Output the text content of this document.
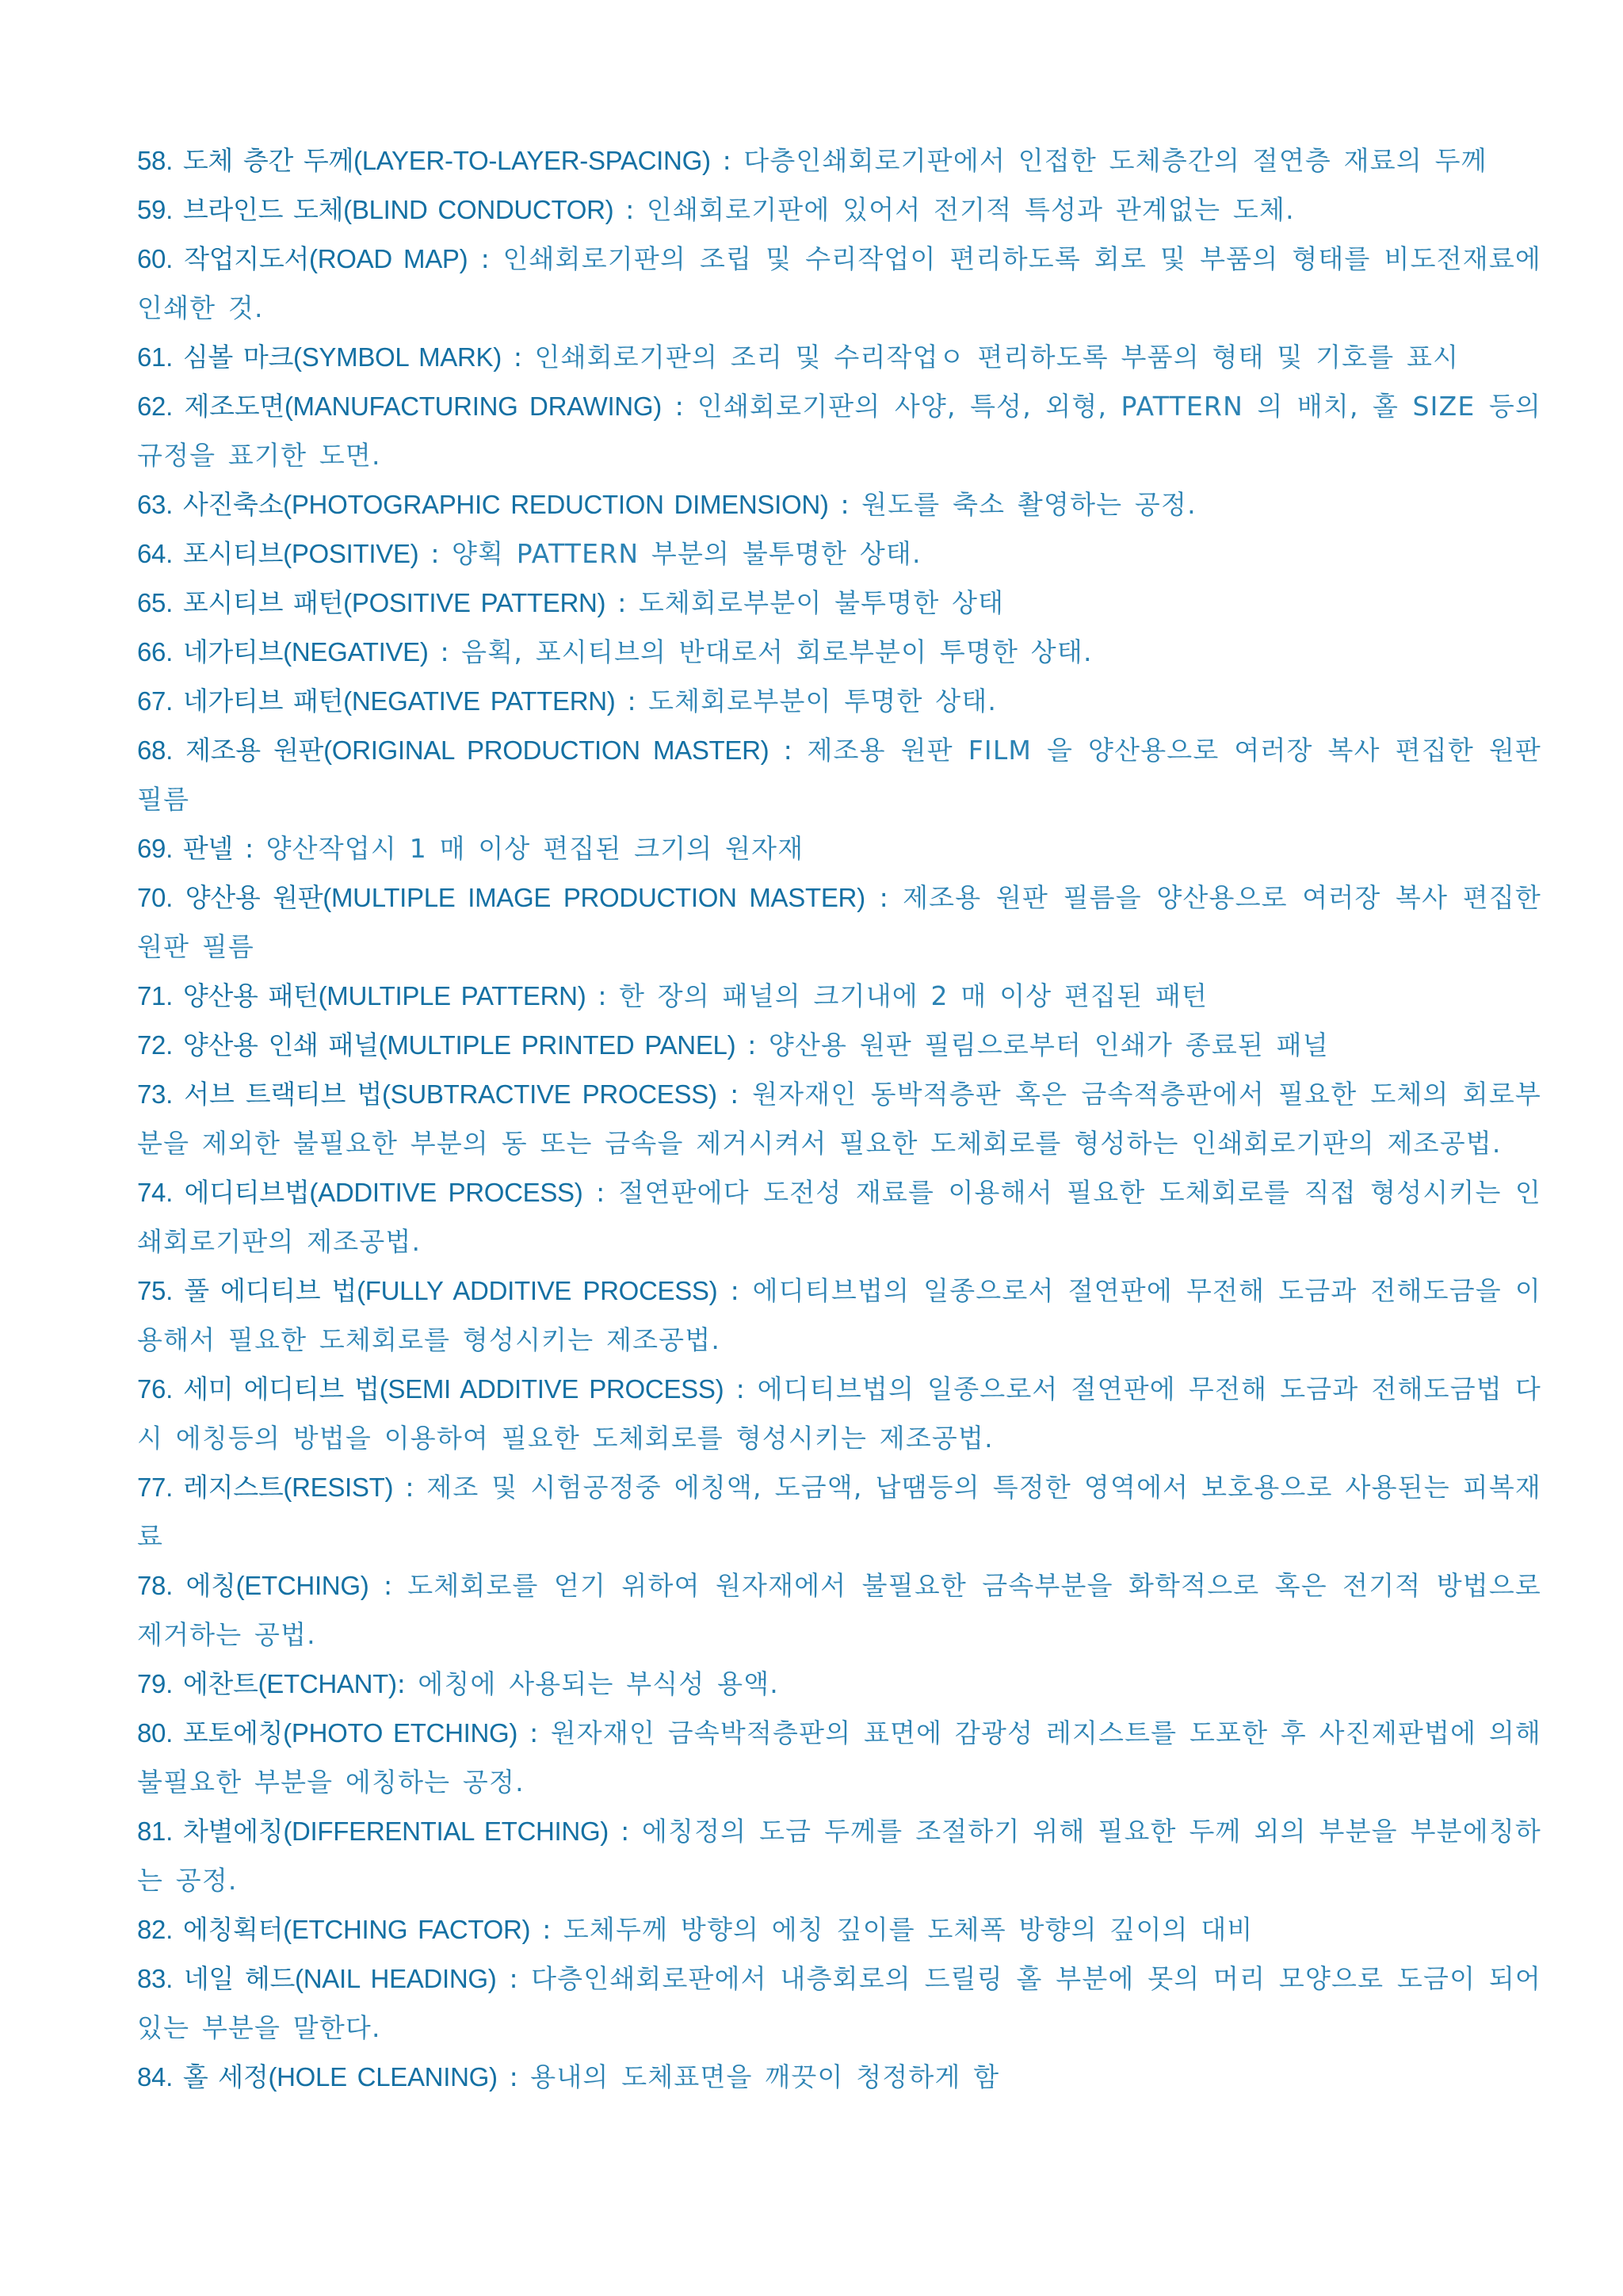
58. 도체 층간 두께(LAYER-TO-LAYER-SPACING) : 다층인쇄회로기판에서 인접한 도체층간의 절연층 재료의 두께

59. 브라인드 도체(BLIND CONDUCTOR) : 인쇄회로기판에 있어서 전기적 특성과 관계없는 도체.

60. 작업지도서(ROAD MAP) : 인쇄회로기판의 조립 및 수리작업이 편리하도록 회로 및 부품의 형태를 비도전재료에 인쇄한 것.

61. 심볼 마크(SYMBOL MARK) : 인쇄회로기판의 조리 및 수리작업ㅇ 편리하도록 부품의 형태 및 기호를 표시

62. 제조도면(MANUFACTURING DRAWING) : 인쇄회로기판의 사양, 특성, 외형, PATTERN 의 배치, 홀 SIZE 등의 규정을 표기한 도면.

63. 사진축소(PHOTOGRAPHIC REDUCTION DIMENSION) : 원도를 축소 촬영하는 공정.

64. 포시티브(POSITIVE) : 양획 PATTERN 부분의 불투명한 상태.

65. 포시티브 패턴(POSITIVE PATTERN) : 도체회로부분이 불투명한 상태

66. 네가티브(NEGATIVE) : 음획, 포시티브의 반대로서 회로부분이 투명한 상태.

67. 네가티브 패턴(NEGATIVE PATTERN) : 도체회로부분이 투명한 상태.

68. 제조용 원판(ORIGINAL PRODUCTION MASTER) : 제조용 원판 FILM 을 양산용으로 여러장 복사 편집한 원판 필름

69. 판넬 : 양산작업시 1 매 이상 편집된 크기의 원자재

70. 양산용 원판(MULTIPLE IMAGE PRODUCTION MASTER) : 제조용 원판 필름을 양산용으로 여러장 복사 편집한 원판 필름

71. 양산용 패턴(MULTIPLE PATTERN) : 한 장의 패널의 크기내에 2 매 이상 편집된 패턴

72. 양산용 인쇄 패널(MULTIPLE PRINTED PANEL) : 양산용 원판 필림으로부터 인쇄가 종료된 패널

73. 서브 트랙티브 법(SUBTRACTIVE PROCESS) : 원자재인 동박적층판 혹은 금속적층판에서 필요한 도체의 회로부분을 제외한 불필요한 부분의 동 또는 금속을 제거시켜서 필요한 도체회로를 형성하는 인쇄회로기판의 제조공법.

74. 에디티브법(ADDITIVE PROCESS) : 절연판에다 도전성 재료를 이용해서 필요한 도체회로를 직접 형성시키는 인쇄회로기판의 제조공법.

75. 풀 에디티브 법(FULLY ADDITIVE PROCESS) : 에디티브법의 일종으로서 절연판에 무전해 도금과 전해도금을 이용해서 필요한 도체회로를 형성시키는 제조공법.

76. 세미 에디티브 법(SEMI ADDITIVE PROCESS) : 에디티브법의 일종으로서 절연판에 무전해 도금과 전해도금법 다시 에칭등의 방법을 이용하여 필요한 도체회로를 형성시키는 제조공법.

77. 레지스트(RESIST) : 제조 및 시험공정중 에칭액, 도금액, 납땜등의 특정한 영역에서 보호용으로 사용된는 피복재료

78. 에칭(ETCHING) : 도체회로를 얻기 위하여 원자재에서 불필요한 금속부분을 화학적으로 혹은 전기적 방법으로 제거하는 공법.

79. 에찬트(ETCHANT): 에칭에 사용되는 부식성 용액.

80. 포토에칭(PHOTO ETCHING) : 원자재인 금속박적층판의 표면에 감광성 레지스트를 도포한 후 사진제판법에 의해 불필요한 부분을 에칭하는 공정.

81. 차별에칭(DIFFERENTIAL ETCHING) : 에칭정의 도금 두께를 조절하기 위해 필요한 두께 외의 부분을 부분에칭하는 공정.

82. 에칭획터(ETCHING FACTOR) : 도체두께 방향의 에칭 깊이를 도체폭 방향의 깊이의 대비

83. 네일 헤드(NAIL HEADING) : 다층인쇄회로판에서 내층회로의 드릴링 홀 부분에 못의 머리 모양으로 도금이 되어 있는 부분을 말한다.

84. 홀 세정(HOLE CLEANING) : 용내의 도체표면을 깨끗이 청정하게 함
